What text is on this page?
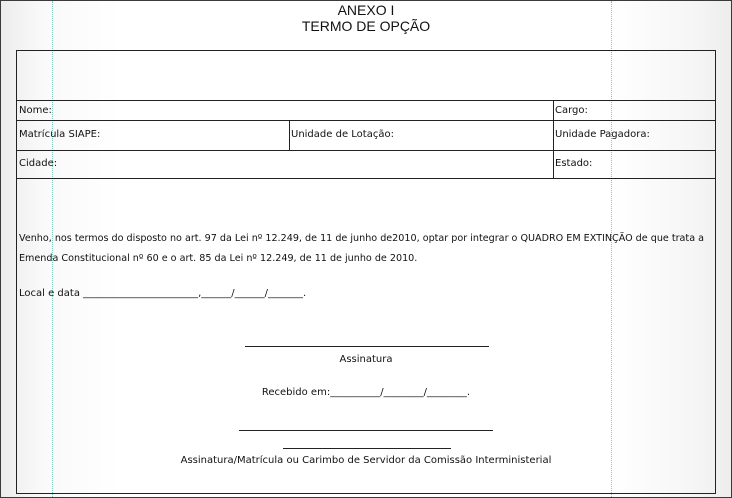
ANEXO I
TERMO DE OPÇÃO
Nome:	Cargo:
Matrícula SIAPE:	Unidade de Lotação:	Unidade Pagadora:
Cidade:	Estado:
Venho, nos termos do disposto no art. 97 da Lei nº 12.249, de 11 de junho de2010, optar por integrar o QUADRO EM EXTINÇÃO de que trata a
Emenda Constitucional nº 60 e o art. 85 da Lei nº 12.249, de 11 de junho de 2010.
Local e data _______________________,______/______/_______.
Assinatura
Recebido em:__________/________/________.
Assinatura/Matrícula ou Carimbo de Servidor da Comissão Interministerial
